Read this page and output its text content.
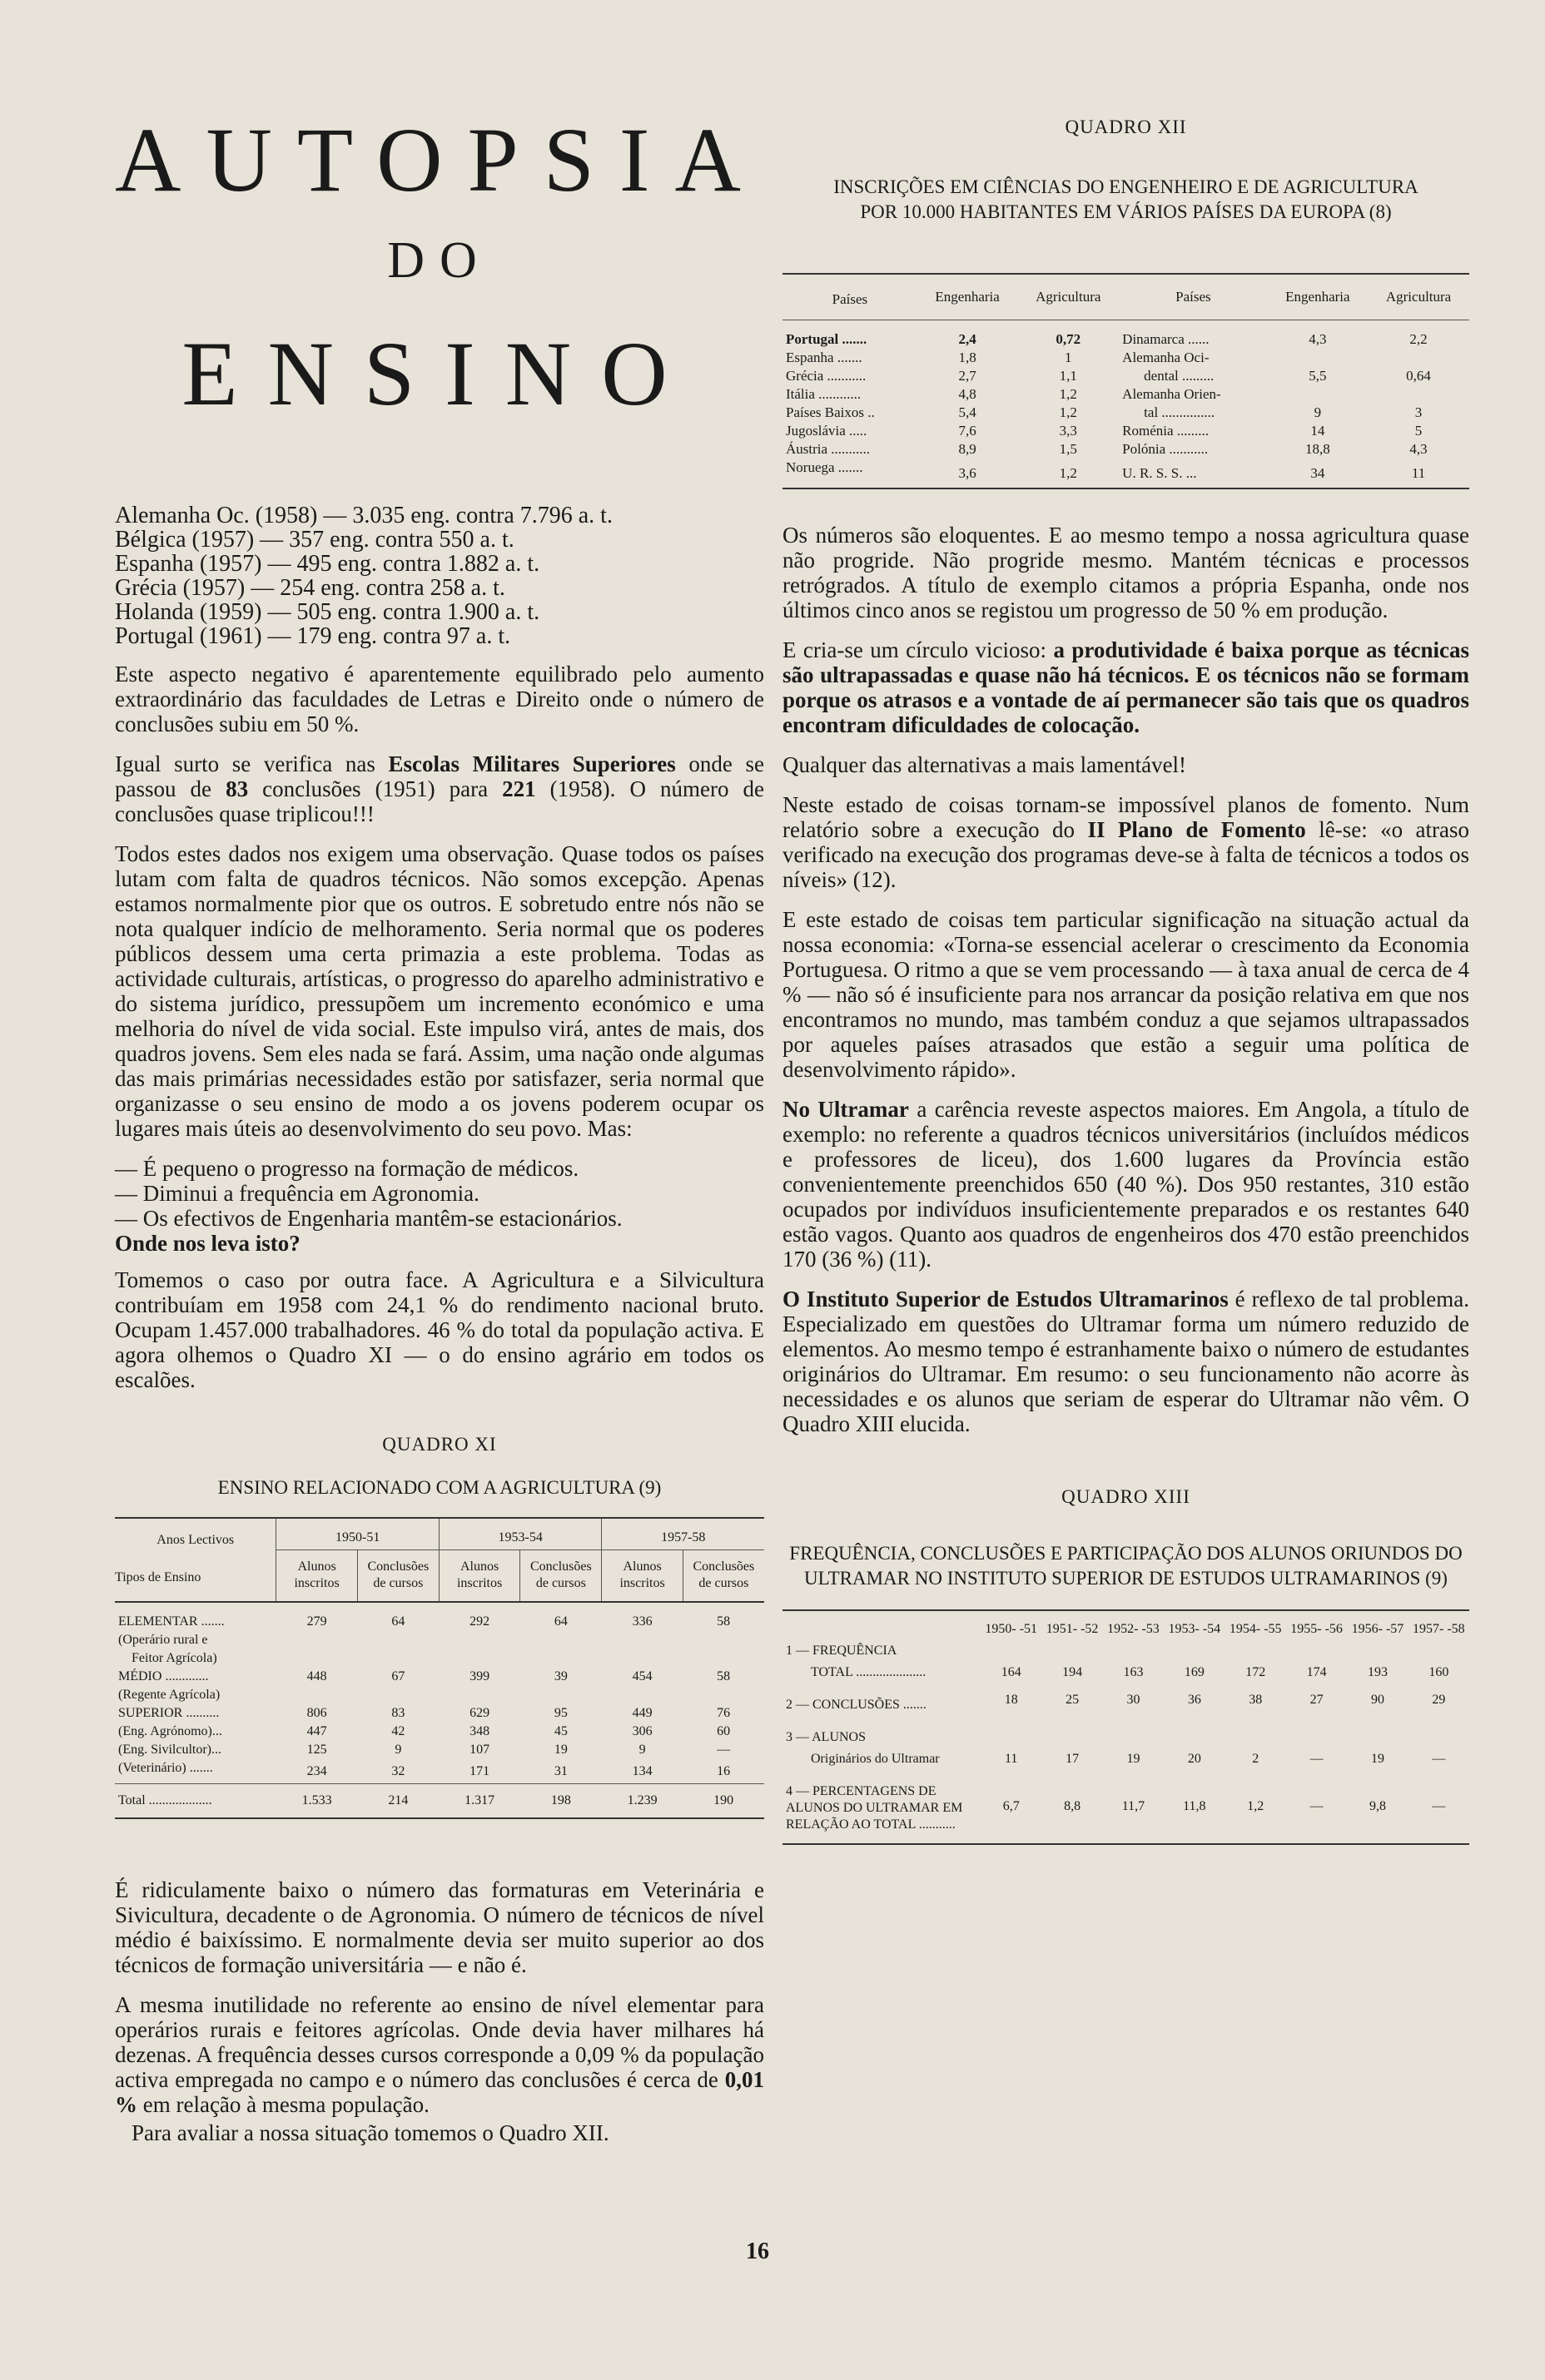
AUTOPSIA
DO
ENSINO
Alemanha Oc. (1958) — 3.035 eng. contra 7.796 a. t.
Bélgica (1957) — 357 eng. contra 550 a. t.
Espanha (1957) — 495 eng. contra 1.882 a. t.
Grécia (1957) — 254 eng. contra 258 a. t.
Holanda (1959) — 505 eng. contra 1.900 a. t.
Portugal (1961) — 179 eng. contra 97 a. t.

Este aspecto negativo é aparentemente equilibrado pelo aumento extraordinário das faculdades de Letras e Direito onde o número de conclusões subiu em 50 %.

Igual surto se verifica nas Escolas Militares Superiores onde se passou de 83 conclusões (1951) para 221 (1958). O número de conclusões quase triplicou!!!

Todos estes dados nos exigem uma observação. Quase todos os países lutam com falta de quadros técnicos. Não somos excepção. Apenas estamos normalmente pior que os outros. E sobretudo entre nós não se nota qualquer indício de melhoramento. Seria normal que os poderes públicos dessem uma certa primazia a este problema. Todas as actividade culturais, artísticas, o progresso do aparelho administrativo e do sistema jurídico, pressupõem um incremento económico e uma melhoria do nível de vida social. Este impulso virá, antes de mais, dos quadros jovens. Sem eles nada se fará. Assim, uma nação onde algumas das mais primárias necessidades estão por satisfazer, seria normal que organizasse o seu ensino de modo a os jovens poderem ocupar os lugares mais úteis ao desenvolvimento do seu povo. Mas:

— É pequeno o progresso na formação de médicos.
— Diminui a frequência em Agronomia.
— Os efectivos de Engenharia mantêm-se estacionários.
Onde nos leva isto?

Tomemos o caso por outra face. A Agricultura e a Silvicultura contribuíam em 1958 com 24,1 % do rendimento nacional bruto. Ocupam 1.457.000 trabalhadores. 46 % do total da população activa. E agora olhemos o Quadro XI — o do ensino agrário em todos os escalões.

QUADRO XI
ENSINO RELACIONADO COM A AGRICULTURA (9)
Anos Lectivos	1950-51		1953-54		1957-58	
Tipos de Ensino	Alunos inscritos	Conclusões de cursos	Alunos inscritos	Conclusões de cursos	Alunos inscritos	Conclusões de cursos

ELEMENTAR .......	279	64	292	64	336	58
(Operário rural e						
Feitor Agrícola)						
MÉDIO .............	448	67	399	39	454	58
(Regente Agrícola)						
SUPERIOR ..........	806	83	629	95	449	76
(Eng. Agrónomo)...	447	42	348	45	306	60
(Eng. Sivilcultor)...	125	9	107	19	9	—
(Veterinário) .......	234	32	171	31	134	16
Total ...................	1.533	214	1.317	198	1.239	190

É ridiculamente baixo o número das formaturas em Veterinária e Sivicultura, decadente o de Agronomia. O número de técnicos de nível médio é baixíssimo. E normalmente devia ser muito superior ao dos técnicos de formação universitária — e não é.

A mesma inutilidade no referente ao ensino de nível elementar para operários rurais e feitores agrícolas. Onde devia haver milhares há dezenas. A frequência desses cursos corresponde a 0,09 % da população activa empregada no campo e o número das conclusões é cerca de 0,01 % em relação à mesma população.

Para avaliar a nossa situação tomemos o Quadro XII.

QUADRO XII
INSCRIÇÕES EM CIÊNCIAS DO ENGENHEIRO E DE AGRICULTURA POR 10.000 HABITANTES EM VÁRIOS PAÍSES DA EUROPA (8)
Países	Engenharia	Agricultura	Países	Engenharia	Agricultura

Portugal .......	2,4	0,72	Dinamarca ......	4,3	2,2
Espanha .......	1,8	1	Alemanha Oci-		
Grécia ...........	2,7	1,1	dental .........	5,5	0,64
Itália ............	4,8	1,2	Alemanha Orien-		
Países Baixos ..	5,4	1,2	tal ...............	9	3
Jugoslávia .....	7,6	3,3	Roménia .........	14	5
Áustria ...........	8,9	1,5	Polónia ...........	18,8	4,3
Noruega .......	3,6	1,2	U. R. S. S. ...	34	11

Os números são eloquentes. E ao mesmo tempo a nossa agricultura quase não progride. Não progride mesmo. Mantém técnicas e processos retrógrados. A título de exemplo citamos a própria Espanha, onde nos últimos cinco anos se registou um progresso de 50 % em produção.

E cria-se um círculo vicioso: a produtividade é baixa porque as técnicas são ultrapassadas e quase não há técnicos. E os técnicos não se formam porque os atrasos e a vontade de aí permanecer são tais que os quadros encontram dificuldades de colocação.

Qualquer das alternativas a mais lamentável!

Neste estado de coisas tornam-se impossível planos de fomento. Num relatório sobre a execução do II Plano de Fomento lê-se: «o atraso verificado na execução dos programas deve-se à falta de técnicos a todos os níveis» (12).

E este estado de coisas tem particular significação na situação actual da nossa economia: «Torna-se essencial acelerar o crescimento da Economia Portuguesa. O ritmo a que se vem processando — à taxa anual de cerca de 4 % — não só é insuficiente para nos arrancar da posição relativa em que nos encontramos no mundo, mas também conduz a que sejamos ultrapassados por aqueles países atrasados que estão a seguir uma política de desenvolvimento rápido».

No Ultramar a carência reveste aspectos maiores. Em Angola, a título de exemplo: no referente a quadros técnicos universitários (incluídos médicos e professores de liceu), dos 1.600 lugares da Província estão convenientemente preenchidos 650 (40 %). Dos 950 restantes, 310 estão ocupados por indivíduos insuficientemente preparados e os restantes 640 estão vagos. Quanto aos quadros de engenheiros dos 470 estão preenchidos 170 (36 %) (11).

O Instituto Superior de Estudos Ultramarinos é reflexo de tal problema. Especializado em questões do Ultramar forma um número reduzido de elementos. Ao mesmo tempo é estranhamente baixo o número de estudantes originários do Ultramar. Em resumo: o seu funcionamento não acorre às necessidades e os alunos que seriam de esperar do Ultramar não vêm. O Quadro XIII elucida.

QUADRO XIII
FREQUÊNCIA, CONCLUSÕES E PARTICIPAÇÃO DOS ALUNOS ORIUNDOS DO ULTRAMAR NO INSTITUTO SUPERIOR DE ESTUDOS ULTRAMARINOS (9)
	1950- -51	1951- -52	1952- -53	1953- -54	1954- -55	1955- -56	1956- -57	1957- -58
1 — FREQUÊNCIA								
TOTAL .....................	164	194	163	169	172	174	193	160
2 — CONCLUSÕES .......	18	25	30	36	38	27	90	29
3 — ALUNOS								
Originários do Ultramar	11	17	19	20	2	—	19	—
4 — PERCENTAGENS DE ALUNOS DO ULTRAMAR EM RELAÇÃO AO TOTAL ...........	6,7	8,8	11,7	11,8	1,2	—	9,8	—
16
